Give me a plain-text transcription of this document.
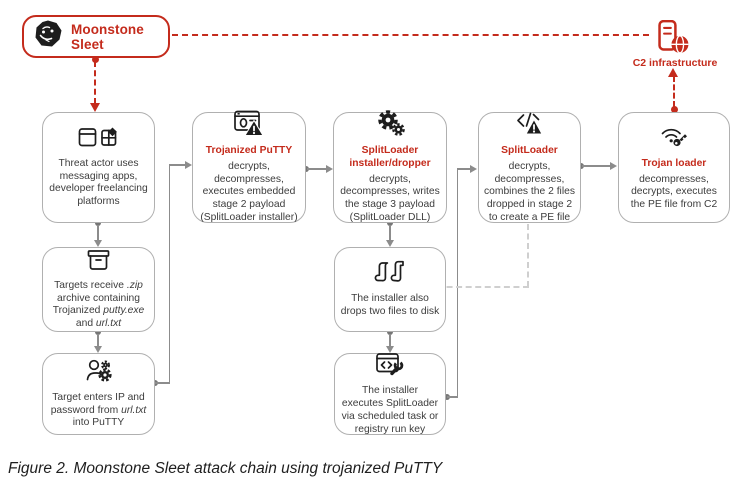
Moonstone Sleet
C2 infrastructure
Threat actor uses messaging apps, developer freelancing platforms
Targets receive .zip archive containing Trojanized putty.exe and url.txt
Target enters IP and password from url.txt into PuTTY
Trojanized PuTTY
decrypts, decompresses, executes embedded stage 2 payload (SplitLoader installer)
SplitLoader installer/dropper
decrypts, decompresses, writes the stage 3 payload (SplitLoader DLL)
The installer also drops two files to disk
The installer executes SplitLoader via scheduled task or registry run key
SplitLoader
decrypts, decompresses, combines the 2 files dropped in stage 2 to create a PE file
Trojan loader
decompresses, decrypts, executes the PE file from C2
Figure 2. Moonstone Sleet attack chain using trojanized PuTTY
